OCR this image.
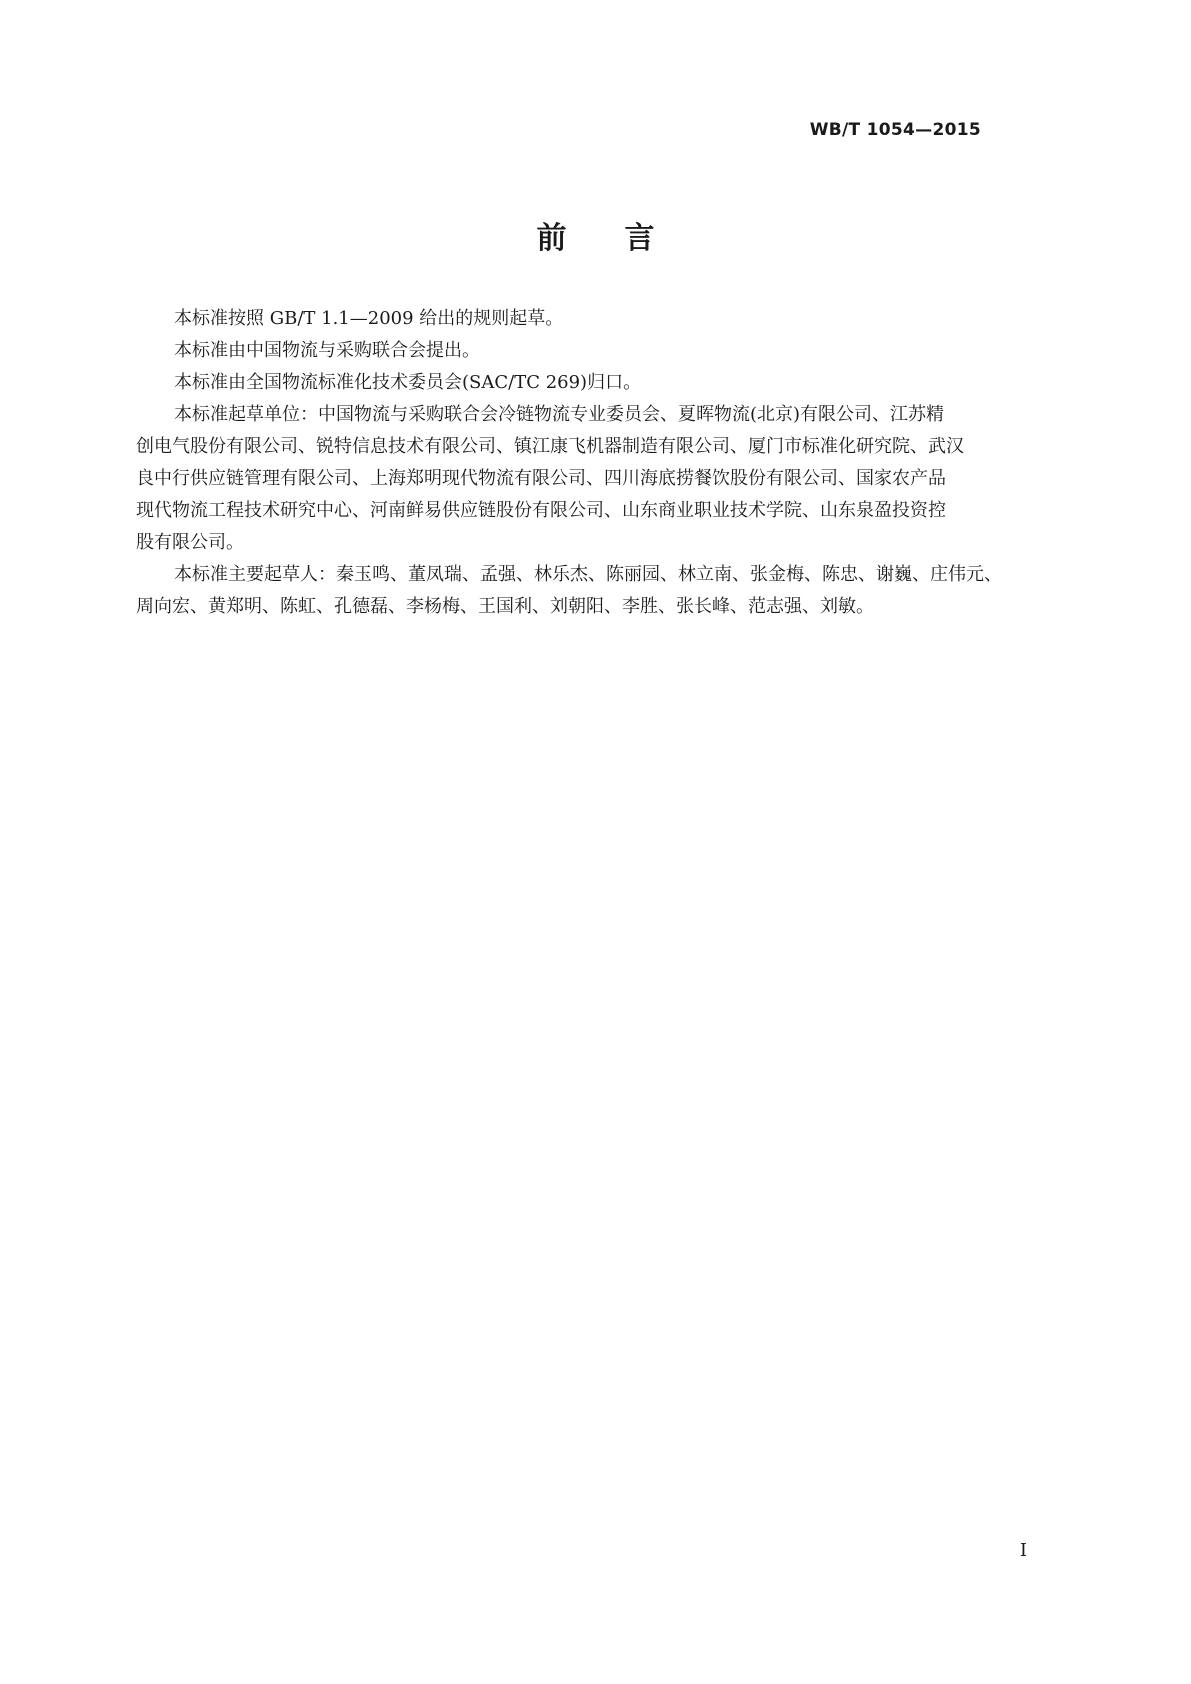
WB/T 1054—2015
前 言

本标准按照 GB/T 1.1—2009 给出的规则起草。

本标准由中国物流与采购联合会提出。

本标准由全国物流标准化技术委员会(SAC/TC 269)归口。

本标准起草单位：中国物流与采购联合会冷链物流专业委员会、夏晖物流(北京)有限公司、江苏精
创电气股份有限公司、锐特信息技术有限公司、镇江康飞机器制造有限公司、厦门市标准化研究院、武汉
良中行供应链管理有限公司、上海郑明现代物流有限公司、四川海底捞餐饮股份有限公司、国家农产品
现代物流工程技术研究中心、河南鲜易供应链股份有限公司、山东商业职业技术学院、山东泉盈投资控
股有限公司。

本标准主要起草人：秦玉鸣、董凤瑞、孟强、林乐杰、陈丽园、林立南、张金梅、陈忠、谢巍、庄伟元、
周向宏、黄郑明、陈虹、孔德磊、李杨梅、王国利、刘朝阳、李胜、张长峰、范志强、刘敏。

I
